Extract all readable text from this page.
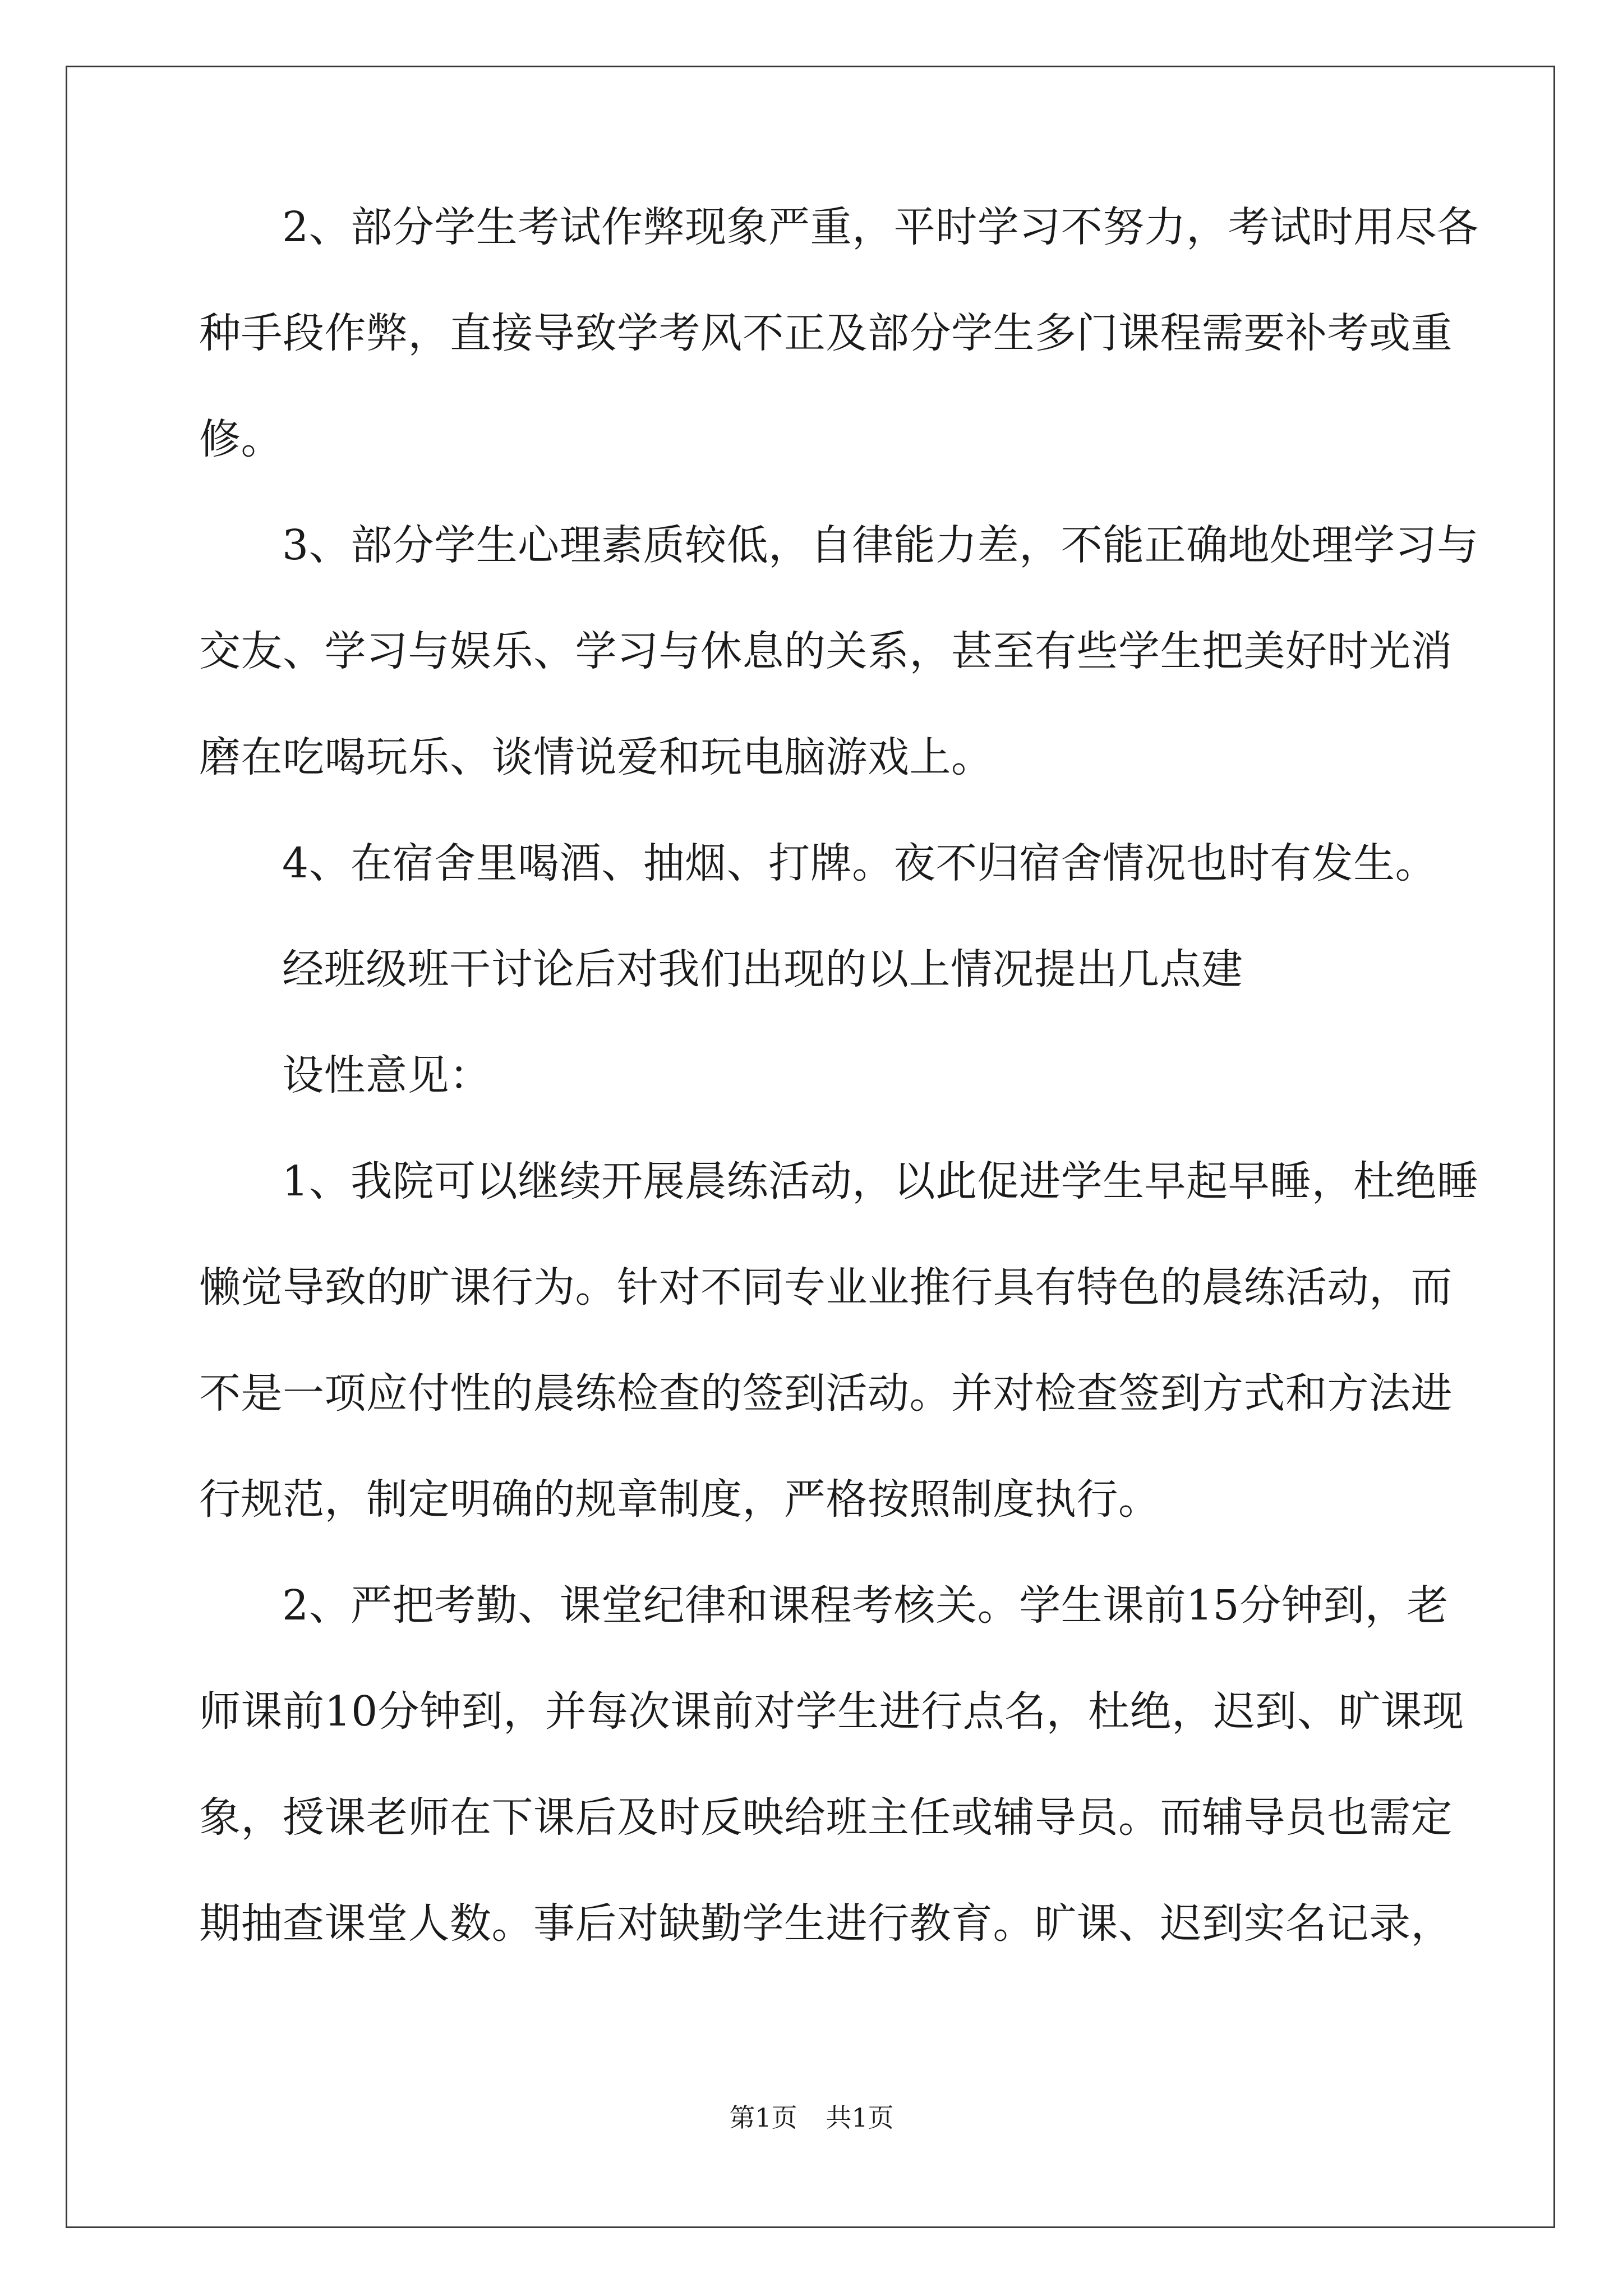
2、部分学生考试作弊现象严重，平时学习不努力，考试时用尽各
种手段作弊，直接导致学考风不正及部分学生多门课程需要补考或重
修。
3、部分学生心理素质较低，自律能力差，不能正确地处理学习与
交友、学习与娱乐、学习与休息的关系，甚至有些学生把美好时光消
磨在吃喝玩乐、谈情说爱和玩电脑游戏上。
4、在宿舍里喝酒、抽烟、打牌。夜不归宿舍情况也时有发生。
经班级班干讨论后对我们出现的以上情况提出几点建
设性意见：
1、我院可以继续开展晨练活动，以此促进学生早起早睡，杜绝睡
懒觉导致的旷课行为。针对不同专业业推行具有特色的晨练活动，而
不是一项应付性的晨练检查的签到活动。并对检查签到方式和方法进
行规范，制定明确的规章制度，严格按照制度执行。
2、严把考勤、课堂纪律和课程考核关。学生课前15分钟到，老
师课前10分钟到，并每次课前对学生进行点名，杜绝，迟到、旷课现
象，授课老师在下课后及时反映给班主任或辅导员。而辅导员也需定
期抽查课堂人数。事后对缺勤学生进行教育。旷课、迟到实名记录，
第1页 共1页
